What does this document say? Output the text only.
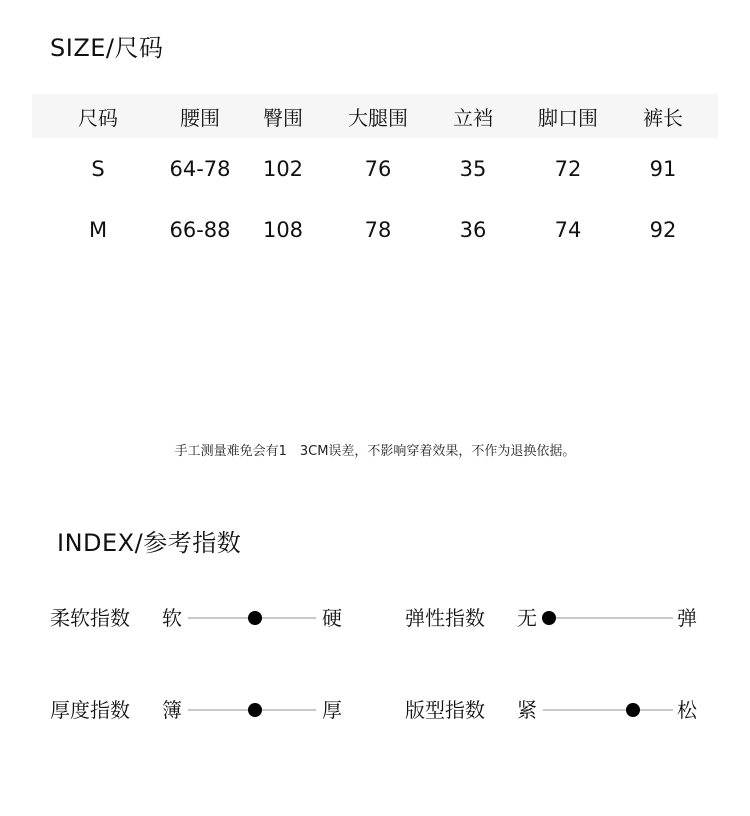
SIZE/尺码
尺码	腰围 臀围 大腿围 立裆 脚口围 裤长
S	64-78 102	76	35	72	91
M	66-88 108	78	36	74	92
手工测量难免会有1　3CM误差，不影响穿着效果，不作为退换依据。
INDEX/参考指数
柔软指数 软	硬	弹性指数 无	弹
厚度指数 簿	厚	版型指数 紧	松
